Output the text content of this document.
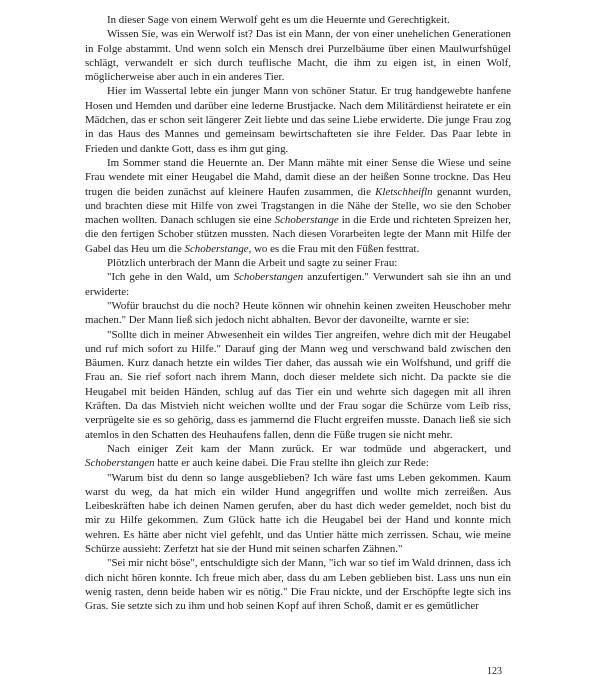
In dieser Sage von einem Werwolf geht es um die Heuernte und Gerechtigkeit.

Wissen Sie, was ein Werwolf ist? Das ist ein Mann, der von einer unehelichen Generationen in Folge abstammt. Und wenn solch ein Mensch drei Purzelbäume über einen Maulwurfshügel schlägt, verwandelt er sich durch teuflische Macht, die ihm zu eigen ist, in einen Wolf, möglicherweise aber auch in ein anderes Tier.

Hier im Wassertal lebte ein junger Mann von schöner Statur. Er trug handgewebte hanfene Hosen und Hemden und darüber eine lederne Brustjacke. Nach dem Militärdienst heiratete er ein Mädchen, das er schon seit längerer Zeit liebte und das seine Liebe erwiderte. Die junge Frau zog in das Haus des Mannes und gemeinsam bewirtschafteten sie ihre Felder. Das Paar lebte in Frieden und dankte Gott, dass es ihm gut ging.

Im Sommer stand die Heuernte an. Der Mann mähte mit einer Sense die Wiese und seine Frau wendete mit einer Heugabel die Mahd, damit diese an der heißen Sonne trockne. Das Heu trugen die beiden zunächst auf kleinere Haufen zusammen, die Kletschheifln genannt wurden, und brachten diese mit Hilfe von zwei Tragstangen in die Nähe der Stelle, wo sie den Schober machen wollten. Danach schlugen sie eine Schoberstange in die Erde und richteten Spreizen her, die den fertigen Schober stützen mussten. Nach diesen Vorarbeiten legte der Mann mit Hilfe der Gabel das Heu um die Schoberstange, wo es die Frau mit den Füßen festtrat.

Plötzlich unterbrach der Mann die Arbeit und sagte zu seiner Frau:

"Ich gehe in den Wald, um Schoberstangen anzufertigen." Verwundert sah sie ihn an und erwiderte:

"Wofür brauchst du die noch? Heute können wir ohnehin keinen zweiten Heuschober mehr machen." Der Mann ließ sich jedoch nicht abhalten. Bevor der davoneilte, warnte er sie:

"Sollte dich in meiner Abwesenheit ein wildes Tier angreifen, wehre dich mit der Heugabel und ruf mich sofort zu Hilfe." Darauf ging der Mann weg und verschwand bald zwischen den Bäumen. Kurz danach hetzte ein wildes Tier daher, das aussah wie ein Wolfshund, und griff die Frau an. Sie rief sofort nach ihrem Mann, doch dieser meldete sich nicht. Da packte sie die Heugabel mit beiden Händen, schlug auf das Tier ein und wehrte sich dagegen mit all ihren Kräften. Da das Mistvieh nicht weichen wollte und der Frau sogar die Schürze vom Leib riss, verprügelte sie es so gehörig, dass es jammernd die Flucht ergreifen musste. Danach ließ sie sich atemlos in den Schatten des Heuhaufens fallen, denn die Füße trugen sie nicht mehr.

Nach einiger Zeit kam der Mann zurück. Er war todmüde und abgerackert, und Schoberstangen hatte er auch keine dabei. Die Frau stellte ihn gleich zur Rede:

"Warum bist du denn so lange ausgeblieben? Ich wäre fast ums Leben gekommen. Kaum warst du weg, da hat mich ein wilder Hund angegriffen und wollte mich zerreißen. Aus Leibeskräften habe ich deinen Namen gerufen, aber du hast dich weder gemeldet, noch bist du mir zu Hilfe gekommen. Zum Glück hatte ich die Heugabel bei der Hand und konnte mich wehren. Es hätte aber nicht viel gefehlt, und das Untier hätte mich zerrissen. Schau, wie meine Schürze aussieht: Zerfetzt hat sie der Hund mit seinen scharfen Zähnen."

"Sei mir nicht böse", entschuldigte sich der Mann, "ich war so tief im Wald drinnen, dass ich dich nicht hören konnte. Ich freue mich aber, dass du am Leben geblieben bist. Lass uns nun ein wenig rasten, denn beide haben wir es nötig." Die Frau nickte, und der Erschöpfte legte sich ins Gras. Sie setzte sich zu ihm und hob seinen Kopf auf ihren Schoß, damit er es gemütlicher

123
